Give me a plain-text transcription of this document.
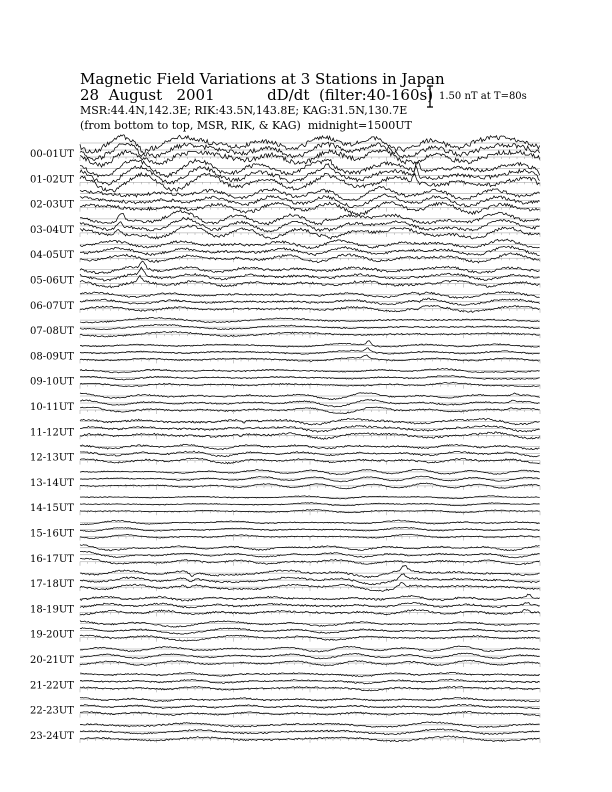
Magnetic Field Variations at 3 Stations in Japan
28 August 2001	dD/dt (filter:40-160s)
MSR:44.4N,142.3E; RIK:43.5N,143.8E; KAG:31.5N,130.7E
(from bottom to top, MSR, RIK, & KAG) midnight=1500UT
1.50 nT at T=80s
00-01UT
01-02UT
02-03UT
03-04UT
04-05UT
05-06UT
06-07UT
07-08UT
08-09UT
09-10UT
10-11UT
11-12UT
12-13UT
13-14UT
14-15UT
15-16UT
16-17UT
17-18UT
18-19UT
19-20UT
20-21UT
21-22UT
22-23UT
23-24UT
